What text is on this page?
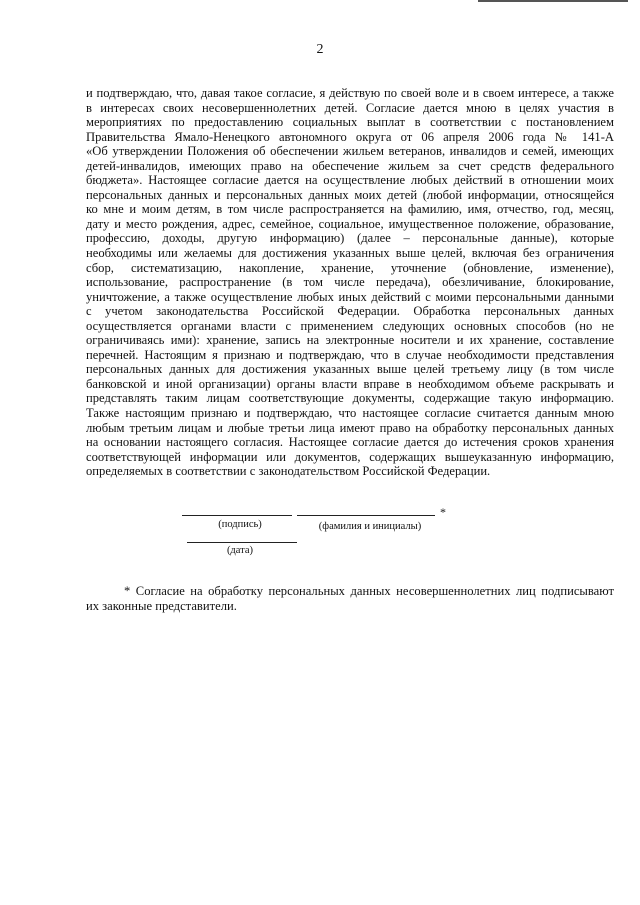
2
и подтверждаю, что, давая такое согласие, я действую по своей воле и в своем интересе, а также
в интересах своих несовершеннолетних детей. Согласие дается мною в целях участия в
мероприятиях по предоставлению социальных выплат в соответствии с постановлением
Правительства Ямало-Ненецкого автономного округа от 06 апреля 2006 года № 141-А
«Об утверждении Положения об обеспечении жильем ветеранов, инвалидов и семей, имеющих
детей-инвалидов, имеющих право на обеспечение жильем за счет средств федерального
бюджета». Настоящее согласие дается на осуществление любых действий в отношении моих
персональных данных и персональных данных моих детей (любой информации, относящейся
ко мне и моим детям, в том числе распространяется на фамилию, имя, отчество, год, месяц,
дату и место рождения, адрес, семейное, социальное, имущественное положение, образование,
профессию, доходы, другую информацию) (далее – персональные данные), которые
необходимы или желаемы для достижения указанных выше целей, включая без ограничения
сбор, систематизацию, накопление, хранение, уточнение (обновление, изменение),
использование, распространение (в том числе передача), обезличивание, блокирование,
уничтожение, а также осуществление любых иных действий с моими персональными данными
с учетом законодательства Российской Федерации. Обработка персональных данных
осуществляется органами власти с применением следующих основных способов (но не
ограничиваясь ими): хранение, запись на электронные носители и их хранение, составление
перечней. Настоящим я признаю и подтверждаю, что в случае необходимости представления
персональных данных для достижения указанных выше целей третьему лицу (в том числе
банковской и иной организации) органы власти вправе в необходимом объеме раскрывать и
представлять таким лицам соответствующие документы, содержащие такую информацию.
Также настоящим признаю и подтверждаю, что настоящее согласие считается данным мною
любым третьим лицам и любые третьи лица имеют право на обработку персональных данных
на основании настоящего согласия. Настоящее согласие дается до истечения сроков хранения
соответствующей информации или документов, содержащих вышеуказанную информацию,
определяемых в соответствии с законодательством Российской Федерации.
*
(подпись)	(фамилия и инициалы)
(дата)
* Согласие на обработку персональных данных несовершеннолетних лиц подписывают
их законные представители.
